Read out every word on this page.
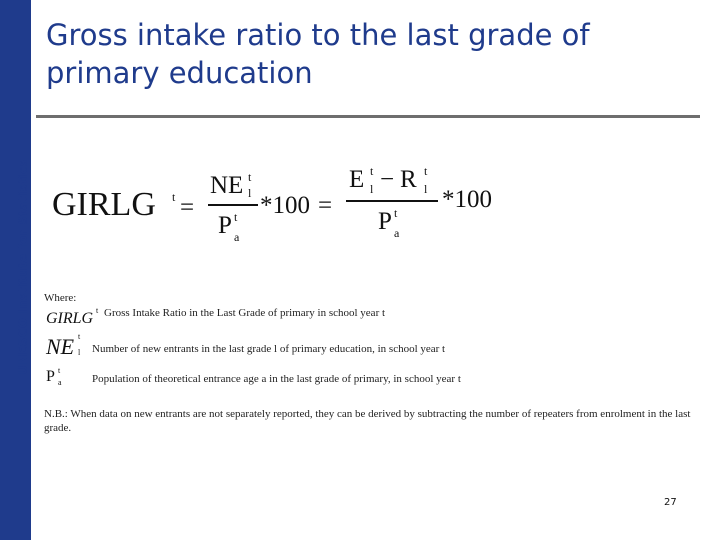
UNESCO Institute for Statistics
Gross intake ratio to the last grade of primary education
GIRLG t =
NE t
l
P t
a
*100 =
E t
l − R t
l
P t
a
*100
Where:
GIRLG t Gross Intake Ratio in the Last Grade of primary in school year t
NE t
l Number of new entrants in the last grade l of primary education, in school year t
P t
a	Population of theoretical entrance age a in the last grade of primary, in school year t
N.B.: When data on new entrants are not separately reported, they can be derived by subtracting the number of repeaters from enrolment in the last grade.
27
